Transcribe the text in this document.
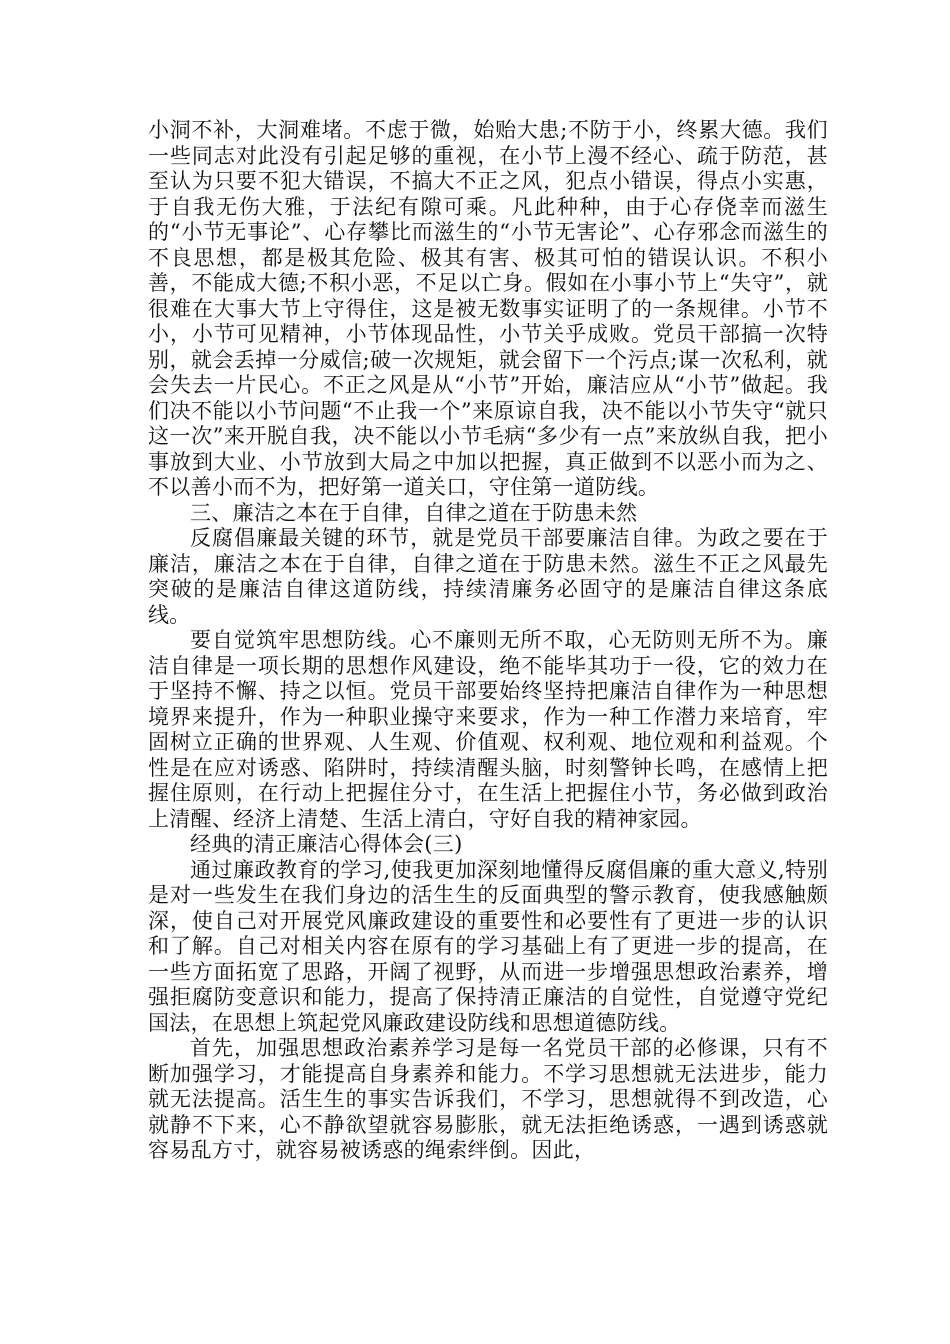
小洞不补，大洞难堵。不虑于微，始贻大患;不防于小，终累大德。我们一些同志对此没有引起足够的重视，在小节上漫不经心、疏于防范，甚至认为只要不犯大错误，不搞大不正之风，犯点小错误，得点小实惠，于自我无伤大雅，于法纪有隙可乘。凡此种种，由于心存侥幸而滋生的“小节无事论”、心存攀比而滋生的“小节无害论”、心存邪念而滋生的不良思想，都是极其危险、极其有害、极其可怕的错误认识。不积小善，不能成大德;不积小恶，不足以亡身。假如在小事小节上“失守”，就很难在大事大节上守得住，这是被无数事实证明了的一条规律。小节不小，小节可见精神，小节体现品性，小节关乎成败。党员干部搞一次特别，就会丢掉一分威信;破一次规矩，就会留下一个污点;谋一次私利，就会失去一片民心。不正之风是从“小节”开始，廉洁应从“小节”做起。我们决不能以小节问题“不止我一个”来原谅自我，决不能以小节失守“就只这一次”来开脱自我，决不能以小节毛病“多少有一点”来放纵自我，把小事放到大业、小节放到大局之中加以把握，真正做到不以恶小而为之、不以善小而不为，把好第一道关口，守住第一道防线。

三、廉洁之本在于自律，自律之道在于防患未然

反腐倡廉最关键的环节，就是党员干部要廉洁自律。为政之要在于廉洁，廉洁之本在于自律，自律之道在于防患未然。滋生不正之风最先突破的是廉洁自律这道防线，持续清廉务必固守的是廉洁自律这条底线。

要自觉筑牢思想防线。心不廉则无所不取，心无防则无所不为。廉洁自律是一项长期的思想作风建设，绝不能毕其功于一役，它的效力在于坚持不懈、持之以恒。党员干部要始终坚持把廉洁自律作为一种思想境界来提升，作为一种职业操守来要求，作为一种工作潜力来培育，牢固树立正确的世界观、人生观、价值观、权利观、地位观和利益观。个性是在应对诱惑、陷阱时，持续清醒头脑，时刻警钟长鸣，在感情上把握住原则，在行动上把握住分寸，在生活上把握住小节，务必做到政治上清醒、经济上清楚、生活上清白，守好自我的精神家园。

经典的清正廉洁心得体会(三)

通过廉政教育的学习,使我更加深刻地懂得反腐倡廉的重大意义,特别是对一些发生在我们身边的活生生的反面典型的警示教育，使我感触颇深，使自己对开展党风廉政建设的重要性和必要性有了更进一步的认识和了解。自己对相关内容在原有的学习基础上有了更进一步的提高，在一些方面拓宽了思路，开阔了视野，从而进一步增强思想政治素养，增强拒腐防变意识和能力，提高了保持清正廉洁的自觉性，自觉遵守党纪国法，在思想上筑起党风廉政建设防线和思想道德防线。

首先，加强思想政治素养学习是每一名党员干部的必修课，只有不断加强学习，才能提高自身素养和能力。不学习思想就无法进步，能力就无法提高。活生生的事实告诉我们，不学习，思想就得不到改造，心就静不下来，心不静欲望就容易膨胀，就无法拒绝诱惑，一遇到诱惑就容易乱方寸，就容易被诱惑的绳索绊倒。因此，
